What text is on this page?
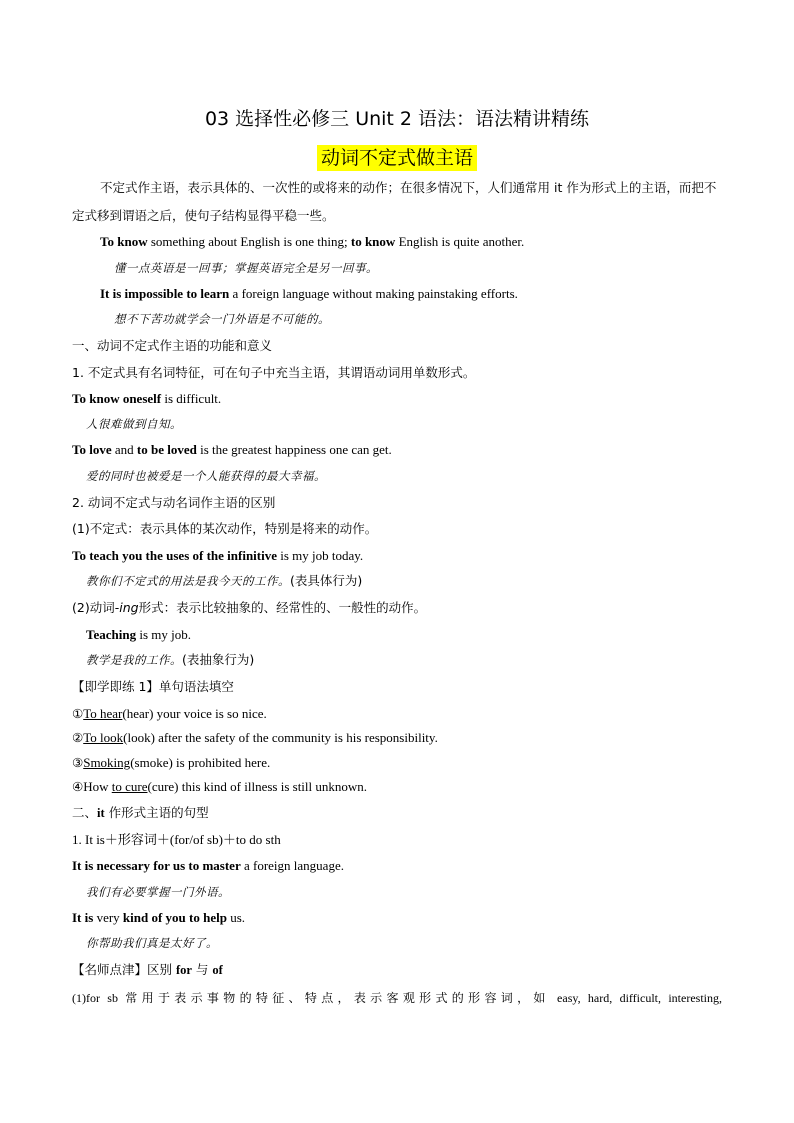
03 选择性必修三 Unit 2 语法：语法精讲精练
动词不定式做主语
不定式作主语，表示具体的、一次性的或将来的动作；在很多情况下，人们通常用 it 作为形式上的主语，而把不定式移到谓语之后，使句子结构显得平稳一些。
To know something about English is one thing; to know English is quite another.
懂一点英语是一回事；掌握英语完全是另一回事。
It is impossible to learn a foreign language without making painstaking efforts.
想不下苦功就学会一门外语是不可能的。
一、动词不定式作主语的功能和意义
1. 不定式具有名词特征，可在句子中充当主语，其谓语动词用单数形式。
To know oneself is difficult.
人很难做到自知。
To love and to be loved is the greatest happiness one can get.
爱的同时也被爱是一个人能获得的最大幸福。
2. 动词不定式与动名词作主语的区别
(1)不定式：表示具体的某次动作，特别是将来的动作。
To teach you the uses of the infinitive is my job today.
教你们不定式的用法是我今天的工作。(表具体行为)
(2)动词-ing形式：表示比较抽象的、经常性的、一般性的动作。
Teaching is my job.
教学是我的工作。(表抽象行为)
【即学即练 1】单句语法填空
①To hear(hear) your voice is so nice.
②To look(look) after the safety of the community is his responsibility.
③Smoking(smoke) is prohibited here.
④How to cure(cure) this kind of illness is still unknown.
二、it 作形式主语的句型
1. It is＋形容词＋(for/of sb)＋to do sth
It is necessary for us to master a foreign language.
我们有必要掌握一门外语。
It is very kind of you to help us.
你帮助我们真是太好了。
【名师点津】区别 for 与 of
(1)for sb 常用于表示事物的特征、特点，表示客观形式的形容词，如 easy, hard, difficult, interesting,
